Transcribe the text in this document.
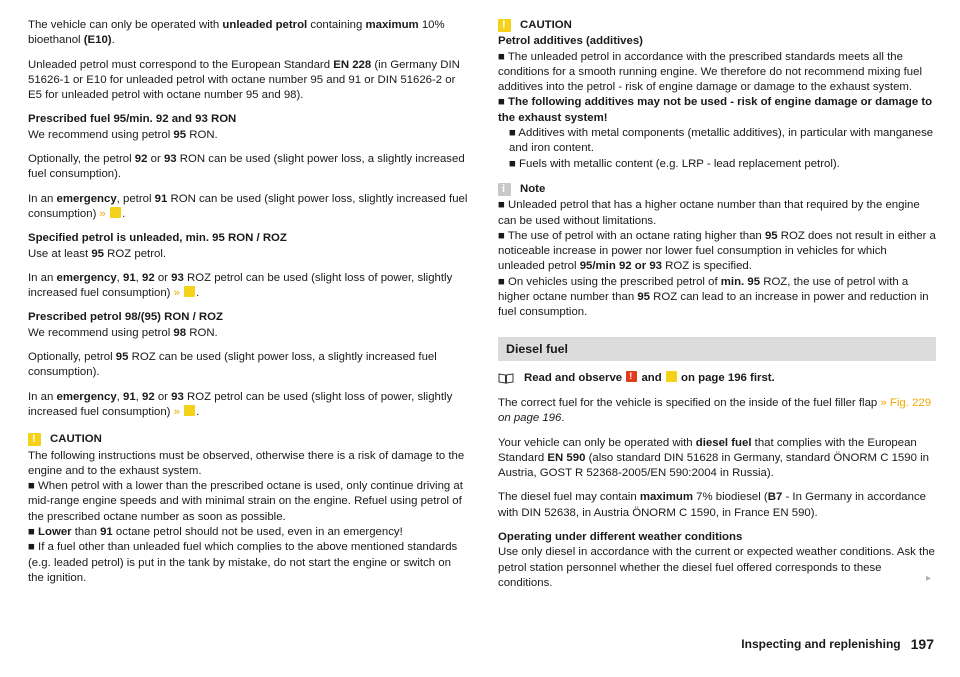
The vehicle can only be operated with unleaded petrol containing maximum 10% bioethanol (E10).

Unleaded petrol must correspond to the European Standard EN 228 (in Germany DIN 51626-1 or E10 for unleaded petrol with octane number 95 and 91 or DIN 51626-2 or E5 for unleaded petrol with octane number 95 and 98).

Prescribed fuel 95/min. 92 and 93 RON
We recommend using petrol 95 RON.

Optionally, the petrol 92 or 93 RON can be used (slight power loss, a slightly increased fuel consumption).

In an emergency, petrol 91 RON can be used (slight power loss, slightly increased fuel consumption) » .

Specified petrol is unleaded, min. 95 RON / ROZ
Use at least 95 ROZ petrol.

In an emergency, 91, 92 or 93 ROZ petrol can be used (slight loss of power, slightly increased fuel consumption) » .

Prescribed petrol 98/(95) RON / ROZ
We recommend using petrol 98 RON.

Optionally, petrol 95 ROZ can be used (slight power loss, a slightly increased fuel consumption).

In an emergency, 91, 92 or 93 ROZ petrol can be used (slight loss of power, slightly increased fuel consumption) » .

!
CAUTION
The following instructions must be observed, otherwise there is a risk of damage to the engine and to the exhaust system.
■ When petrol with a lower than the prescribed octane is used, only continue driving at mid-range engine speeds and with minimal strain on the engine. Refuel using petrol of the prescribed octane number as soon as possible.
■ Lower than 91 octane petrol should not be used, even in an emergency!
■ If a fuel other than unleaded fuel which complies to the above mentioned standards (e.g. leaded petrol) is put in the tank by mistake, do not start the engine or switch on the ignition.
!
CAUTION
Petrol additives (additives)
■ The unleaded petrol in accordance with the prescribed standards meets all the conditions for a smooth running engine. We therefore do not recommend mixing fuel additives into the petrol - risk of engine damage or damage to the exhaust system.
■ The following additives may not be used - risk of engine damage or damage to the exhaust system!
■ Additives with metal components (metallic additives), in particular with manganese and iron content.
■ Fuels with metallic content (e.g. LRP - lead replacement petrol).
i
Note
■ Unleaded petrol that has a higher octane number than that required by the engine can be used without limitations.
■ The use of petrol with an octane rating higher than 95 ROZ does not result in either a noticeable increase in power nor lower fuel consumption in vehicles for which unleaded petrol 95/min 92 or 93 ROZ is specified.
■ On vehicles using the prescribed petrol of min. 95 ROZ, the use of petrol with a higher octane number than 95 ROZ can lead to an increase in power and reduction in fuel consumption.
Diesel fuel
Read and observe ! and  on page 196 first.

The correct fuel for the vehicle is specified on the inside of the fuel filler flap » Fig. 229 on page 196.

Your vehicle can only be operated with diesel fuel that complies with the European Standard EN 590 (also standard DIN 51628 in Germany, standard ÖNORM C 1590 in Austria, GOST R 52368-2005/EN 590:2004 in Russia).

The diesel fuel may contain maximum 7% biodiesel (B7 - In Germany in accordance with DIN 52638, in Austria ÖNORM C 1590, in France EN 590).

Operating under different weather conditions
Use only diesel in accordance with the current or expected weather conditions. Ask the petrol station personnel whether the diesel fuel offered corresponds to these conditions.	▸
Inspecting and replenishing 197
